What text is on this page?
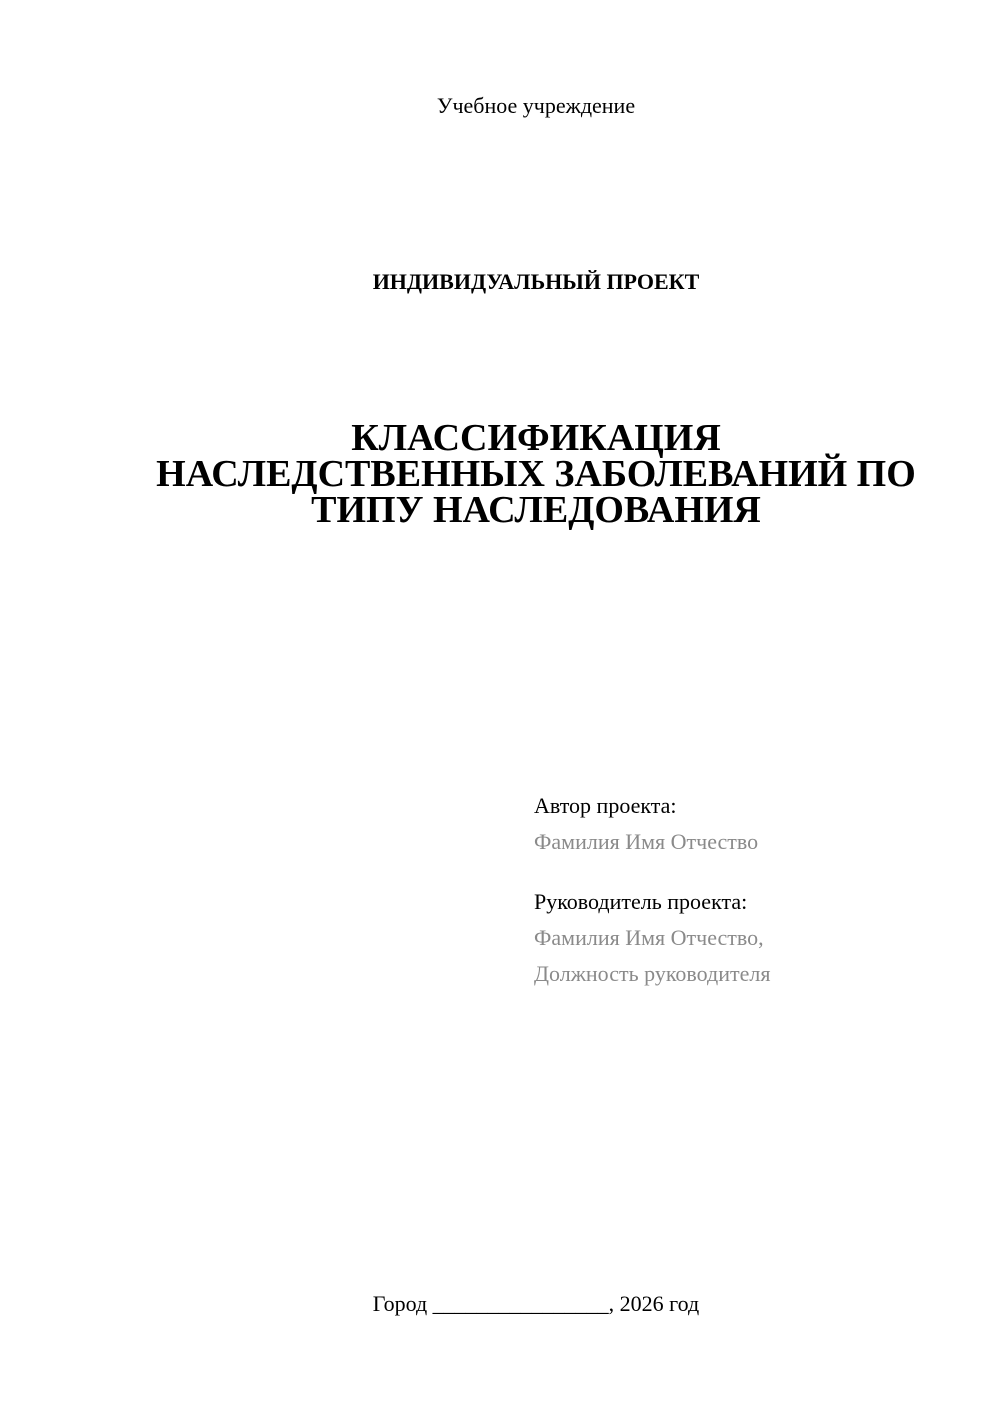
Учебное учреждение
ИНДИВИДУАЛЬНЫЙ ПРОЕКТ
КЛАССИФИКАЦИЯ
НАСЛЕДСТВЕННЫХ ЗАБОЛЕВАНИЙ ПО
ТИПУ НАСЛЕДОВАНИЯ
Автор проекта:
Фамилия Имя Отчество
Руководитель проекта:
Фамилия Имя Отчество,
Должность руководителя
Город ________________, 2026 год
